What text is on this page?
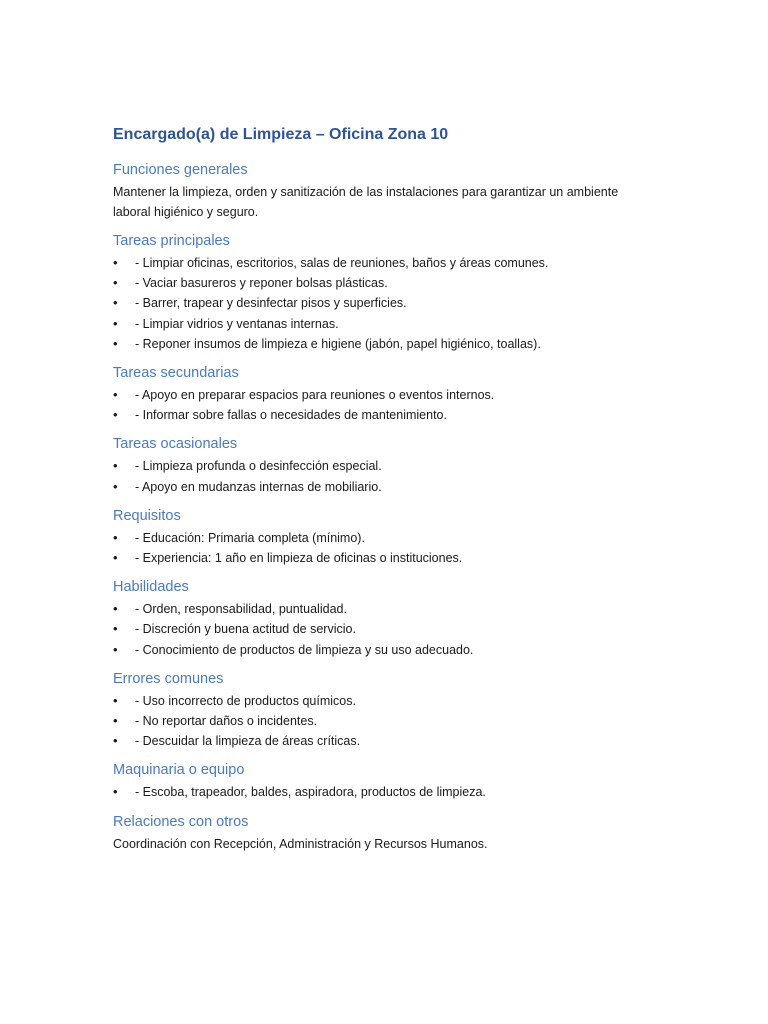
Encargado(a) de Limpieza – Oficina Zona 10
Funciones generales

Mantener la limpieza, orden y sanitización de las instalaciones para garantizar un ambiente laboral higiénico y seguro.

Tareas principales
• - Limpiar oficinas, escritorios, salas de reuniones, baños y áreas comunes.
• - Vaciar basureros y reponer bolsas plásticas.
• - Barrer, trapear y desinfectar pisos y superficies.
• - Limpiar vidrios y ventanas internas.
• - Reponer insumos de limpieza e higiene (jabón, papel higiénico, toallas).
Tareas secundarias
• - Apoyo en preparar espacios para reuniones o eventos internos.
• - Informar sobre fallas o necesidades de mantenimiento.
Tareas ocasionales
• - Limpieza profunda o desinfección especial.
• - Apoyo en mudanzas internas de mobiliario.
Requisitos
• - Educación: Primaria completa (mínimo).
• - Experiencia: 1 año en limpieza de oficinas o instituciones.
Habilidades
• - Orden, responsabilidad, puntualidad.
• - Discreción y buena actitud de servicio.
• - Conocimiento de productos de limpieza y su uso adecuado.
Errores comunes
• - Uso incorrecto de productos químicos.
• - No reportar daños o incidentes.
• - Descuidar la limpieza de áreas críticas.
Maquinaria o equipo
• - Escoba, trapeador, baldes, aspiradora, productos de limpieza.
Relaciones con otros

Coordinación con Recepción, Administración y Recursos Humanos.
